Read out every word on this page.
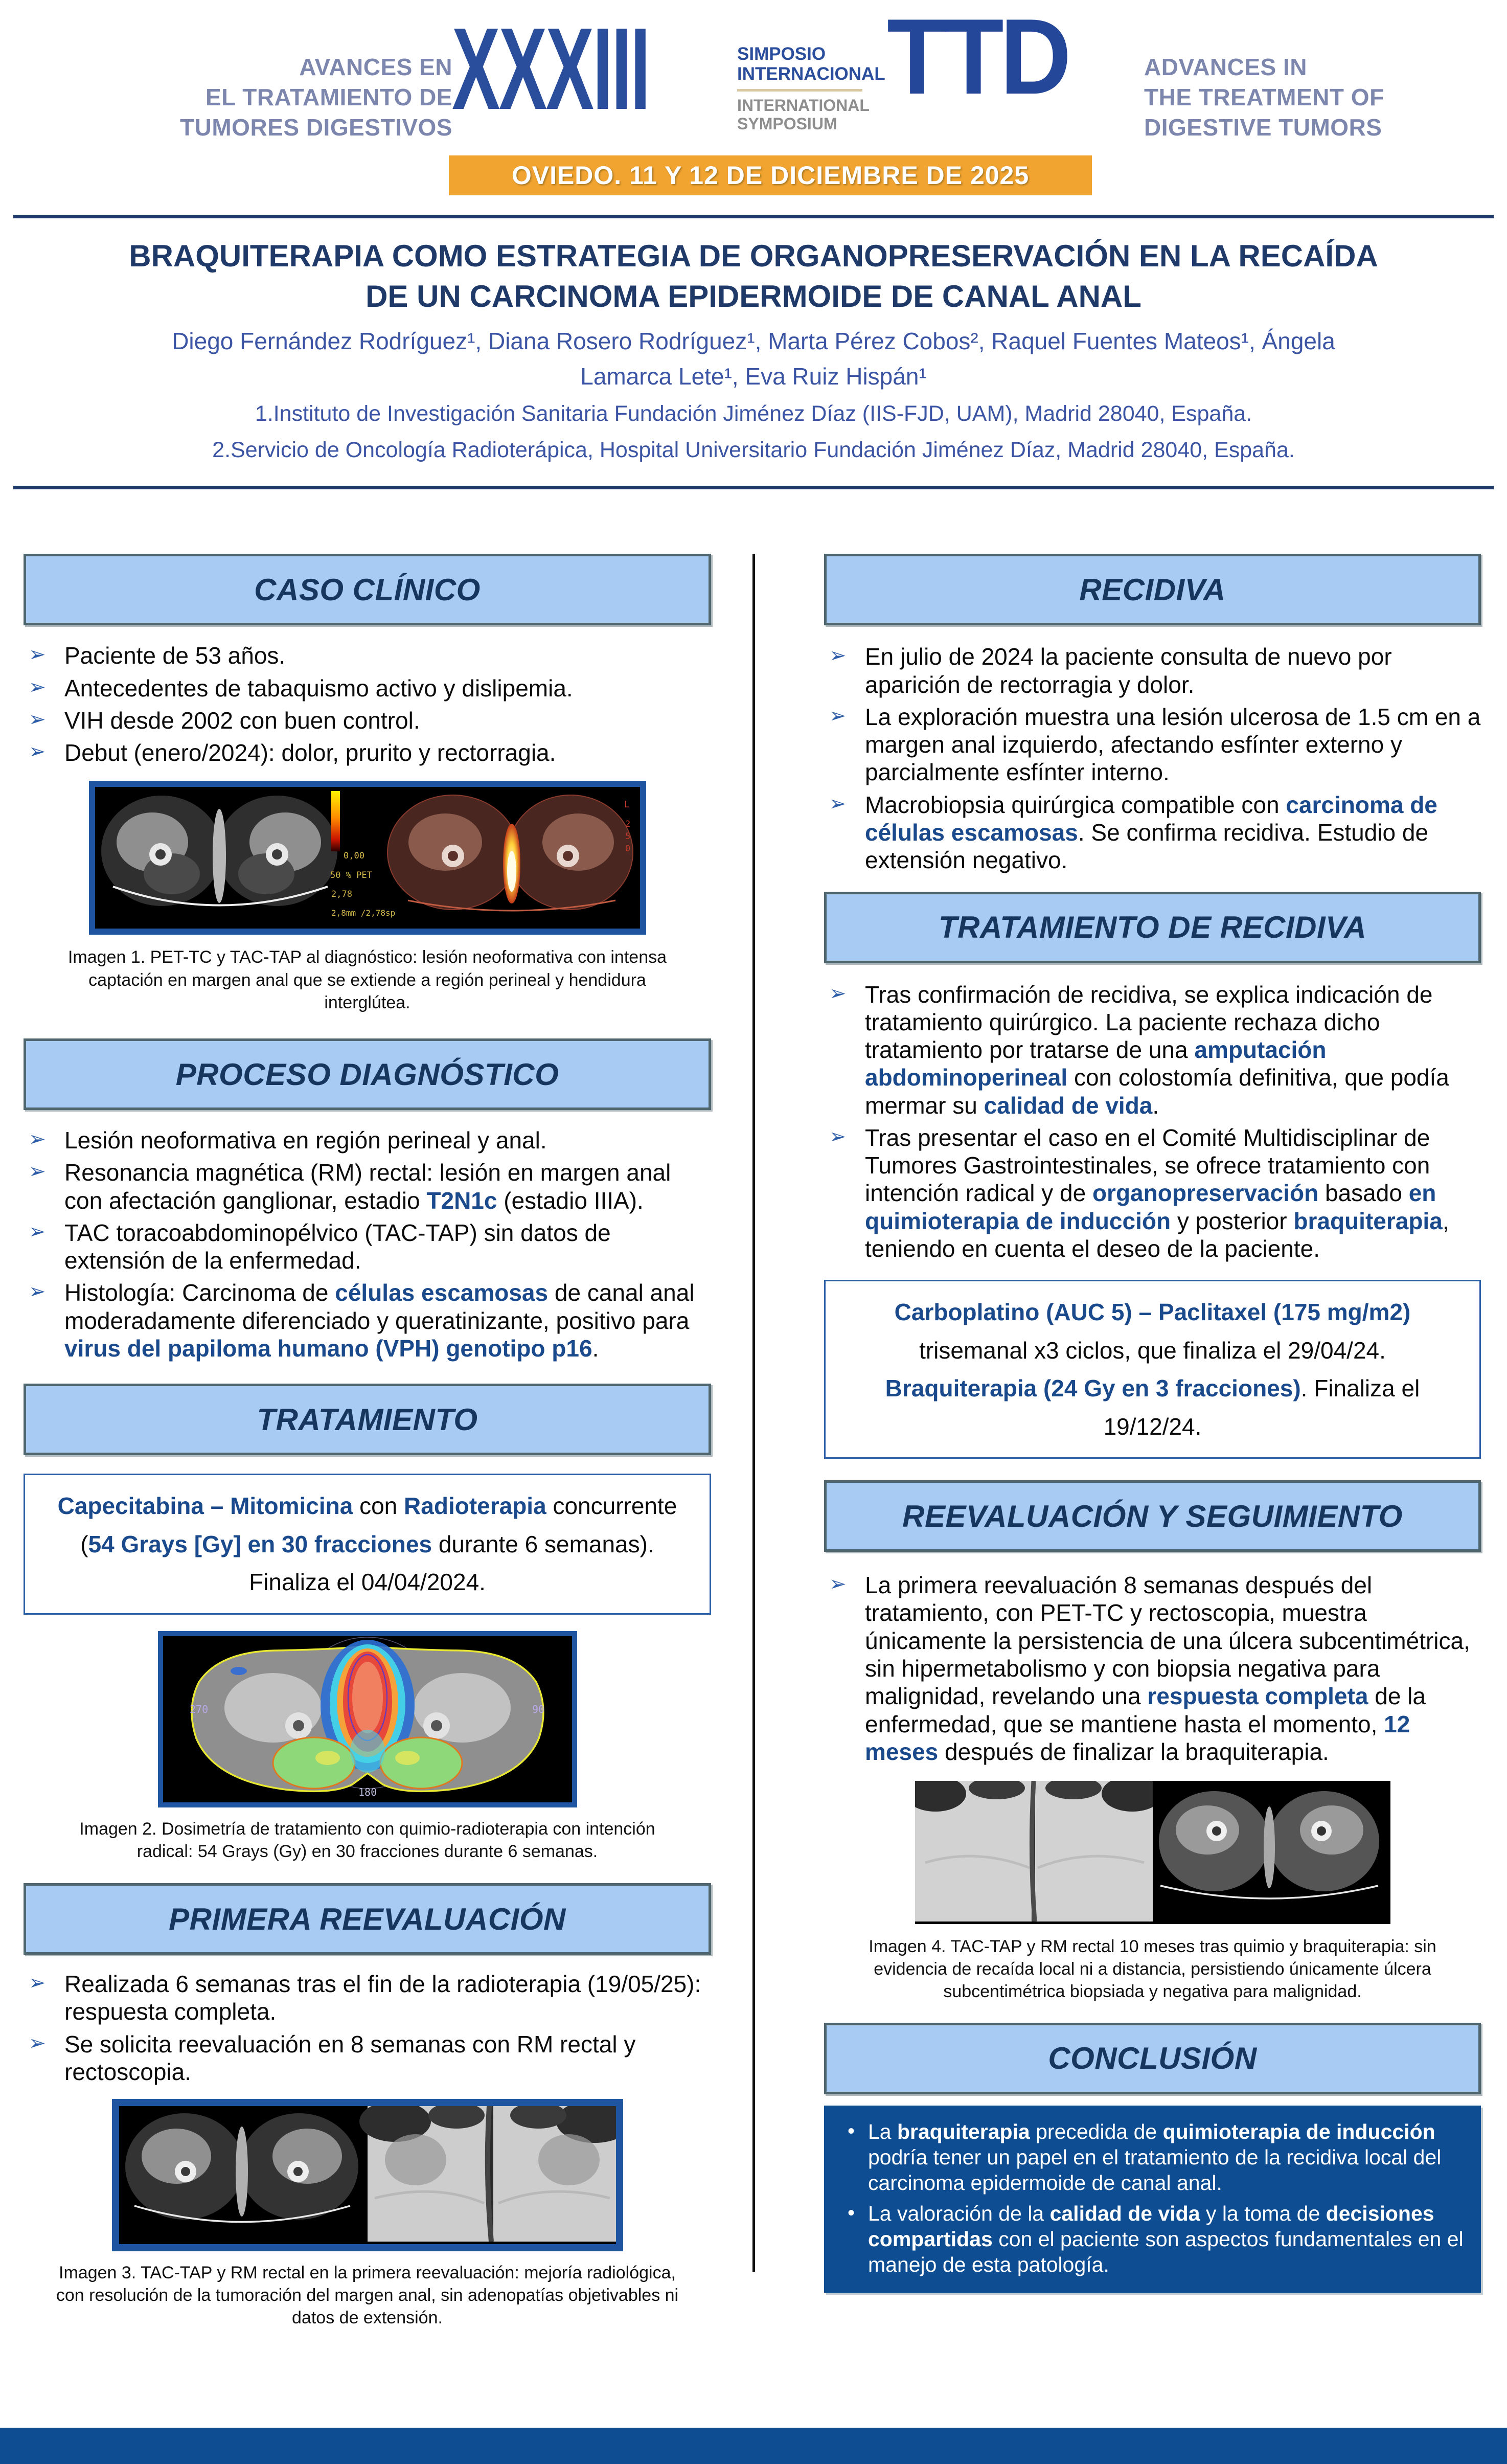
AVANCES EN
EL TRATAMIENTO DE
TUMORES DIGESTIVOS XXXIII	SIMPOSIO
INTERNACIONAL
INTERNATIONAL
SYMPOSIUM
TTD	ADVANCES IN
THE TREATMENT OF
DIGESTIVE TUMORS
OVIEDO. 11 Y 12 DE DICIEMBRE DE 2025
BRAQUITERAPIA COMO ESTRATEGIA DE ORGANOPRESERVACIÓN EN LA RECAÍDA
DE UN CARCINOMA EPIDERMOIDE DE CANAL ANAL
Diego Fernández Rodríguez¹, Diana Rosero Rodríguez¹, Marta Pérez Cobos², Raquel Fuentes Mateos¹, Ángela Lamarca Lete¹, Eva Ruiz Hispán¹
1.Instituto de Investigación Sanitaria Fundación Jiménez Díaz (IIS-FJD, UAM), Madrid 28040, España.
2.Servicio de Oncología Radioterápica, Hospital Universitario Fundación Jiménez Díaz, Madrid 28040, España.
CASO CLÍNICO
➢ Paciente de 53 años.

➢ Antecedentes de tabaquismo activo y dislipemia.

➢ VIH desde 2002 con buen control.

➢ Debut (enero/2024): dolor, prurito y rectorragia.

0,00
50 % PET
2,78
2,8mm /2,78sp
L
2
5
0
Imagen 1. PET-TC y TAC-TAP al diagnóstico: lesión neoformativa con intensa captación en margen anal que se extiende a región perineal y hendidura interglútea.
PROCESO DIAGNÓSTICO
➢ Lesión neoformativa en región perineal y anal.

➢ Resonancia magnética (RM) rectal: lesión en margen anal con afectación ganglionar, estadio T2N1c (estadio IIIA).

➢ TAC toracoabdominopélvico (TAC-TAP) sin datos de extensión de la enfermedad.

➢ Histología: Carcinoma de células escamosas de canal anal moderadamente diferenciado y queratinizante, positivo para virus del papiloma humano (VPH) genotipo p16.

TRATAMIENTO
Capecitabina – Mitomicina con Radioterapia concurrente (54 Grays [Gy] en 30 fracciones durante 6 semanas). Finaliza el 04/04/2024.
270	90
180
Imagen 2. Dosimetría de tratamiento con quimio-radioterapia con intención radical: 54 Grays (Gy) en 30 fracciones durante 6 semanas.
PRIMERA REEVALUACIÓN
➢ Realizada 6 semanas tras el fin de la radioterapia (19/05/25): respuesta completa.

➢ Se solicita reevaluación en 8 semanas con RM rectal y rectoscopia.

Imagen 3. TAC-TAP y RM rectal en la primera reevaluación: mejoría radiológica, con resolución de la tumoración del margen anal, sin adenopatías objetivables ni datos de extensión.
RECIDIVA
➢ En julio de 2024 la paciente consulta de nuevo por aparición de rectorragia y dolor.

➢ La exploración muestra una lesión ulcerosa de 1.5 cm en a margen anal izquierdo, afectando esfínter externo y parcialmente esfínter interno.

➢ Macrobiopsia quirúrgica compatible con carcinoma de células escamosas. Se confirma recidiva. Estudio de extensión negativo.

TRATAMIENTO DE RECIDIVA
➢ Tras confirmación de recidiva, se explica indicación de tratamiento quirúrgico. La paciente rechaza dicho tratamiento por tratarse de una amputación abdominoperineal con colostomía definitiva, que podía mermar su calidad de vida.

➢ Tras presentar el caso en el Comité Multidisciplinar de Tumores Gastrointestinales, se ofrece tratamiento con intención radical y de organopreservación basado en quimioterapia de inducción y posterior braquiterapia, teniendo en cuenta el deseo de la paciente.

Carboplatino (AUC 5) – Paclitaxel (175 mg/m2) trisemanal x3 ciclos, que finaliza el 29/04/24. Braquiterapia (24 Gy en 3 fracciones). Finaliza el 19/12/24.
REEVALUACIÓN Y SEGUIMIENTO
➢ La primera reevaluación 8 semanas después del tratamiento, con PET-TC y rectoscopia, muestra únicamente la persistencia de una úlcera subcentimétrica, sin hipermetabolismo y con biopsia negativa para malignidad, revelando una respuesta completa de la enfermedad, que se mantiene hasta el momento, 12 meses después de finalizar la braquiterapia.

Imagen 4. TAC-TAP y RM rectal 10 meses tras quimio y braquiterapia: sin evidencia de recaída local ni a distancia, persistiendo únicamente úlcera subcentimétrica biopsiada y negativa para malignidad.
CONCLUSIÓN
• La braquiterapia precedida de quimioterapia de inducción podría tener un papel en el tratamiento de la recidiva local del carcinoma epidermoide de canal anal.

• La valoración de la calidad de vida y la toma de decisiones compartidas con el paciente son aspectos fundamentales en el manejo de esta patología.
